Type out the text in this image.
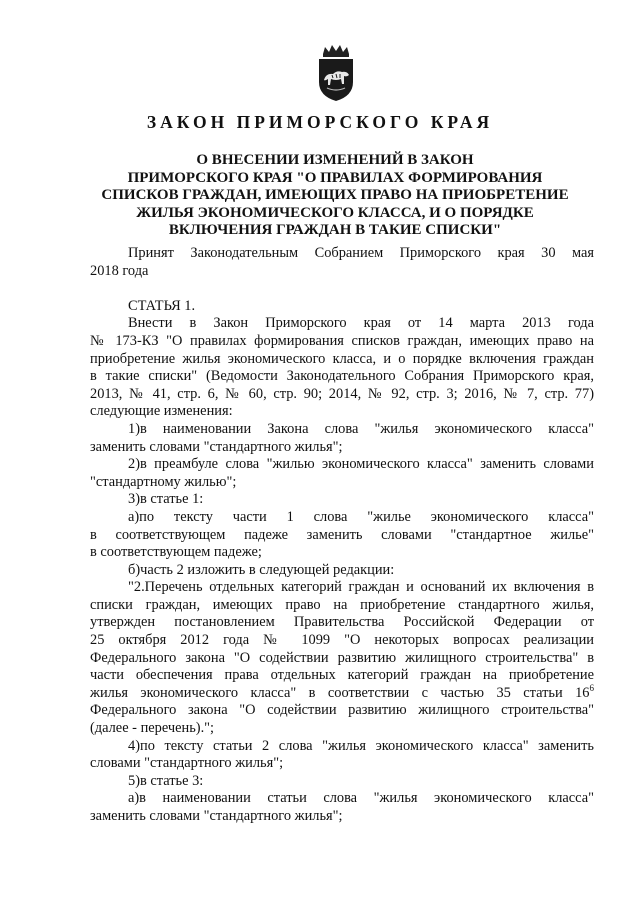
ЗАКОН ПРИМОРСКОГО КРАЯ
О ВНЕСЕНИИ ИЗМЕНЕНИЙ В ЗАКОН
ПРИМОРСКОГО КРАЯ "О ПРАВИЛАХ ФОРМИРОВАНИЯ
СПИСКОВ ГРАЖДАН, ИМЕЮЩИХ ПРАВО НА ПРИОБРЕТЕНИЕ
ЖИЛЬЯ ЭКОНОМИЧЕСКОГО КЛАССА, И О ПОРЯДКЕ
ВКЛЮЧЕНИЯ ГРАЖДАН В ТАКИЕ СПИСКИ"

Принят Законодательным Собранием Приморского края 30 мая

2018 года

СТАТЬЯ 1.

Внести в Закон Приморского края от 14 марта 2013 года

№ 173-КЗ "О правилах формирования списков граждан, имеющих право на

приобретение жилья экономического класса, и о порядке включения граждан

в такие списки" (Ведомости Законодательного Собрания Приморского края,

2013, № 41, стр. 6, № 60, стр. 90; 2014, № 92, стр. 3; 2016, № 7, стр. 77)

следующие изменения:

1)в наименовании Закона слова "жилья экономического класса"

заменить словами "стандартного жилья";

2)в преамбуле слова "жилью экономического класса" заменить словами

"стандартному жилью";

3)в статье 1:

а)по тексту части 1 слова "жилье экономического класса"

в соответствующем падеже заменить словами "стандартное жилье"

в соответствующем падеже;

б)часть 2 изложить в следующей редакции:

"2.Перечень отдельных категорий граждан и оснований их включения в

списки граждан, имеющих право на приобретение стандартного жилья,

утвержден постановлением Правительства Российской Федерации от

25 октября 2012 года № 1099 "О некоторых вопросах реализации

Федерального закона "О содействии развитию жилищного строительства" в

части обеспечения права отдельных категорий граждан на приобретение

жилья экономического класса" в соответствии с частью 35 статьи $16^6$

Федерального закона "О содействии развитию жилищного строительства"

(далее - перечень).";

4)по тексту статьи 2 слова "жилья экономического класса" заменить

словами "стандартного жилья";

5)в статье 3:

а)в наименовании статьи слова "жилья экономического класса"

заменить словами "стандартного жилья";
